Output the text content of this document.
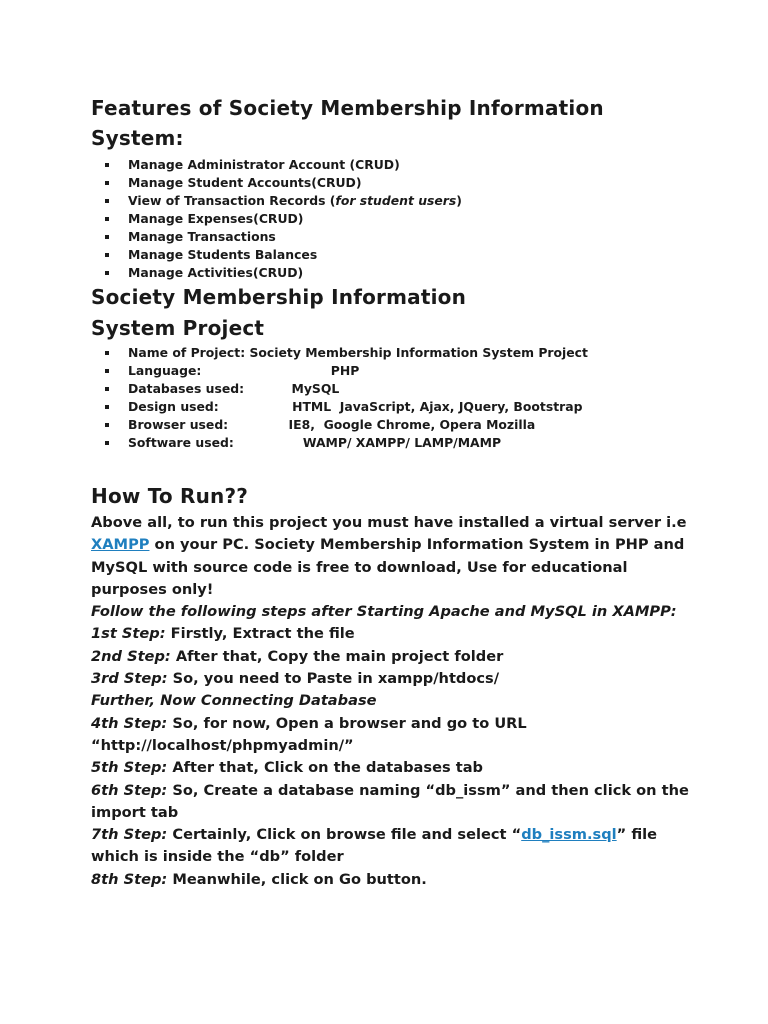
Features of Society Membership Information
System:
Manage Administrator Account (CRUD)
Manage Student Accounts(CRUD)
View of Transaction Records (for student users)
Manage Expenses(CRUD)
Manage Transactions
Manage Students Balances
Manage Activities(CRUD)
Society Membership Information
System Project
Name of Project: Society Membership Information System Project
Language:                              PHP
Databases used:           MySQL
Design used:                 HTML  JavaScript, Ajax, JQuery, Bootstrap
Browser used:              IE8,  Google Chrome, Opera Mozilla
Software used:                WAMP/ XAMPP/ LAMP/MAMP
How To Run??

Above all, to run this project you must have installed a virtual server i.e XAMPP on your PC. Society Membership Information System in PHP and MySQL with source code is free to download, Use for educational purposes only!

Follow the following steps after Starting Apache and MySQL in XAMPP:

1st Step: Firstly, Extract the file

2nd Step: After that, Copy the main project folder

3rd Step: So, you need to Paste in xampp/htdocs/

Further, Now Connecting Database

4th Step: So, for now, Open a browser and go to URL “http://localhost/phpmyadmin/”

5th Step: After that, Click on the databases tab

6th Step: So, Create a database naming “db_issm” and then click on the import tab

7th Step: Certainly, Click on browse file and select “db_issm.sql” file which is inside the “db” folder

8th Step: Meanwhile, click on Go button.
